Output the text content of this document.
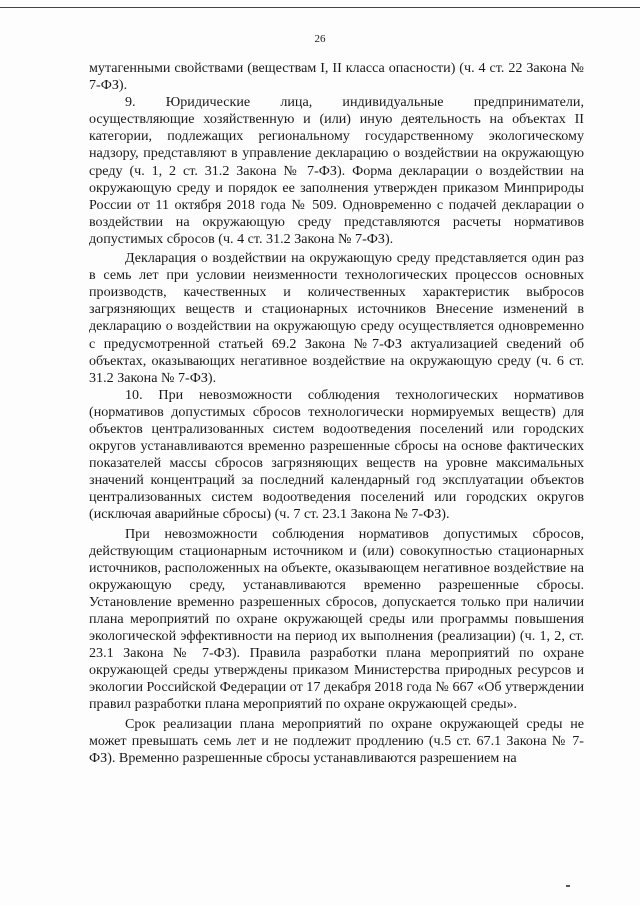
26

мутагенными свойствами (веществам I, II класса опасности) (ч. 4 ст. 22 Закона № 7-ФЗ).

9. Юридические лица, индивидуальные предприниматели, осуществляющие хозяйственную и (или) иную деятельность на объектах II категории, подлежащих региональному государственному экологическому надзору, представляют в управление декларацию о воздействии на окружающую среду (ч. 1, 2 ст. 31.2 Закона № 7-ФЗ). Форма декларации о воздействии на окружающую среду и порядок ее заполнения утвержден приказом Минприроды России от 11 октября 2018 года № 509. Одновременно с подачей декларации о воздействии на окружающую среду представляются расчеты нормативов допустимых сбросов (ч. 4 ст. 31.2 Закона № 7-ФЗ).

Декларация о воздействии на окружающую среду представляется один раз в семь лет при условии неизменности технологических процессов основных производств, качественных и количественных характеристик выбросов загрязняющих веществ и стационарных источников Внесение изменений в декларацию о воздействии на окружающую среду осуществляется одновременно с предусмотренной статьей 69.2 Закона №7-ФЗ актуализацией сведений об объектах, оказывающих негативное воздействие на окружающую среду (ч. 6 ст. 31.2 Закона № 7-ФЗ).

10. При невозможности соблюдения технологических нормативов (нормативов допустимых сбросов технологически нормируемых веществ) для объектов централизованных систем водоотведения поселений или городских округов устанавливаются временно разрешенные сбросы на основе фактических показателей массы сбросов загрязняющих веществ на уровне максимальных значений концентраций за последний календарный год эксплуатации объектов централизованных систем водоотведения поселений или городских округов (исключая аварийные сбросы) (ч. 7 ст. 23.1 Закона № 7-ФЗ).

При невозможности соблюдения нормативов допустимых сбросов, действующим стационарным источником и (или) совокупностью стационарных источников, расположенных на объекте, оказывающем негативное воздействие на окружающую среду, устанавливаются временно разрешенные сбросы. Установление временно разрешенных сбросов, допускается только при наличии плана мероприятий по охране окружающей среды или программы повышения экологической эффективности на период их выполнения (реализации) (ч. 1, 2, ст. 23.1 Закона № 7-ФЗ). Правила разработки плана мероприятий по охране окружающей среды утверждены приказом Министерства природных ресурсов и экологии Российской Федерации от 17 декабря 2018 года № 667 «Об утверждении правил разработки плана мероприятий по охране окружающей среды».

Срок реализации плана мероприятий по охране окружающей среды не может превышать семь лет и не подлежит продлению (ч.5 ст. 67.1 Закона № 7-ФЗ). Временно разрешенные сбросы устанавливаются разрешением на
